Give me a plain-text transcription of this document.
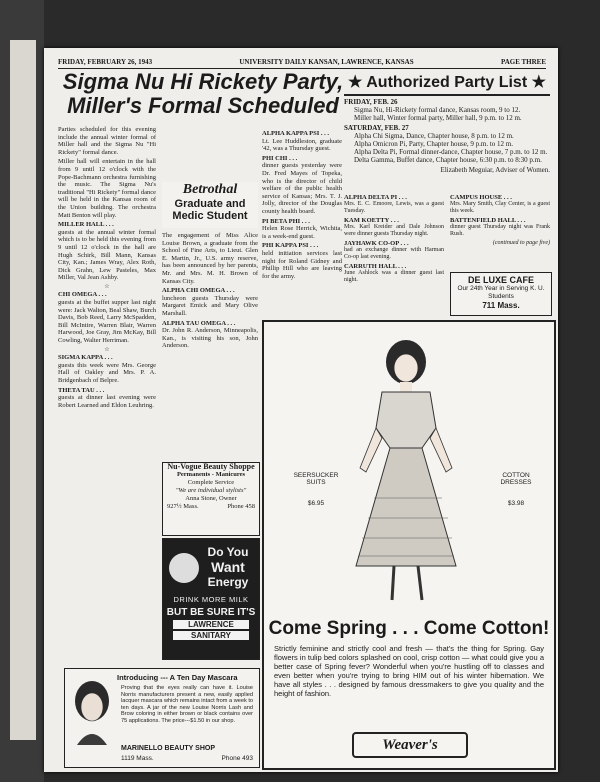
FRIDAY, FEBRUARY 26, 1943	UNIVERSITY DAILY KANSAN, LAWRENCE, KANSAS	PAGE THREE
Sigma Nu Hi Rickety Party,
Miller's Formal Scheduled

Parties scheduled for this evening include the annual winter formal of Miller hall and the Sigma Nu "Hi Rickety" formal dance.

Miller hall will entertain in the hall from 9 until 12 o'clock with the Pope-Bachmann orchestra furnishing the music. The Sigma Nu's traditional "Hi Rickety" formal dance will be held in the Kansas room of the Union building. The orchestra Matt Benton will play.

MILLER HALL . . .

guests at the annual winter formal which is to be held this evening from 9 until 12 o'clock in the hall are Hugh Schirk, Bill Mann, Kansas City, Kan.; James Wray, Alex Roth, Dick Grahn, Lew Pasteles, Max Miller, Val Jean Ashby.

☆
CHI OMEGA . . .

guests at the buffet supper last night were: Jack Walton, Beal Shaw, Burch Davis, Bob Reed, Larry McSpadden, Bill McIntire, Warren Blair, Warren Harwood, Joe Gray, Jim McKay, Bill Cowling, Walter Herriman.

☆
SIGMA KAPPA . . .

guests this week were Mrs. George Hall of Oakley and Mrs. P. A. Bridgenbach of Belpre.

THETA TAU . . .

guests at dinner last evening were Robert Learned and Eldon Leuhring.

Betrothal
Graduate and
Medic Student

The engagement of Miss Alice Louise Brown, a graduate from the School of Fine Arts, to Lieut. Glen E. Martin, Jr., U.S. army reserve, has been announced by her parents, Mr. and Mrs. M. H. Brown of Kansas City.

ALPHA CHI OMEGA . . .

luncheon guests Thursday were Margaret Emick and Mary Olive Marshall.

ALPHA TAU OMEGA . . .

Dr. John R. Anderson, Minneapolis, Kan., is visiting his son, John Anderson.

Nu-Vogue Beauty Shoppe
Permanents - Manicures
Complete Service
"We are individual stylists"
Anna Stone, Owner
927½ Mass.	Phone 458
Do You
Want
Energy
DRINK MORE MILK
BUT BE SURE IT'S
LAWRENCE
SANITARY
ALPHA KAPPA PSI . . .

Lt. Lee Huddleston, graduate '42, was a Thursday guest.

PHI CHI . . .

dinner guests yesterday were Dr. Fred Mayes of Topeka, who is the director of child welfare of the public health service of Kansas; Mrs. T. J. Jolly, director of the Douglas county health board.

PI BETA PHI . . .

Helen Rose Herrick, Wichita, is a week-end guest.

PHI KAPPA PSI . . .

held initiation services last night for Roland Gidney and Phillip Hill who are leaving for the army.

★ Authorized Party List ★
FRIDAY, FEB. 26
Sigma Nu, Hi-Rickety formal dance, Kansas room, 9 to 12.
Miller hall, Winter formal party, Miller hall, 9 p.m. to 12 m.
SATURDAY, FEB. 27
Alpha Chi Sigma, Dance, Chapter house, 8 p.m. to 12 m.
Alpha Omicron Pi, Party, Chapter house, 9 p.m. to 12 m.
Alpha Delta Pi, Formal dinner-dance, Chapter house, 7 p.m. to 12 m.
Delta Gamma, Buffet dance, Chapter house, 6:30 p.m. to 8:30 p.m.
Elizabeth Meguiar, Adviser of Women.
ALPHA DELTA PI . . .

Mrs. E. C. Emoore, Lewis, was a guest Tuesday.

KAM KOETTY . . .

Mrs. Karl Kreider and Dale Johnson were dinner guests Thursday night.

JAYHAWK CO-OP . . .

had an exchange dinner with Harman Co-op last evening.

CARRUTH HALL . . .

June Ashlock was a dinner guest last night.

CAMPUS HOUSE . . .

Mrs. Mary Smith, Clay Center, is a guest this week.

BATTENFIELD HALL . . .

dinner guest Thursday night was Frank Rush.

(continued to page five)

DE LUXE CAFE
Our 24th Year in Serving K. U. Students
711 Mass.
SEERSUCKER SUITS
$6.95
COTTON DRESSES
$3.98
Come Spring . . . Come Cotton!
Strictly feminine and strictly cool and fresh — that's the thing for Spring. Gay flowers in tulip bed colors splashed on cool, crisp cotton — what could give you a better case of Spring fever? Wonderful when you're hustling off to classes and even better when you're trying to bring HIM out of his winter hibernation. We have all styles . . . designed by famous dressmakers to give you quality and the height of fashion.
Weaver's
Introducing --- A Ten Day Mascara
Proving that the eyes really can have it. Louise Norris manufacturers present a new, easily applied lacquer mascara which remains intact from a week to ten days. A jar of the new Louise Norris Lash and Brow coloring in either brown or black contains over 75 applications. The price---$1.50 in our shop.
MARINELLO BEAUTY SHOP
1119 Mass.	Phone 493
